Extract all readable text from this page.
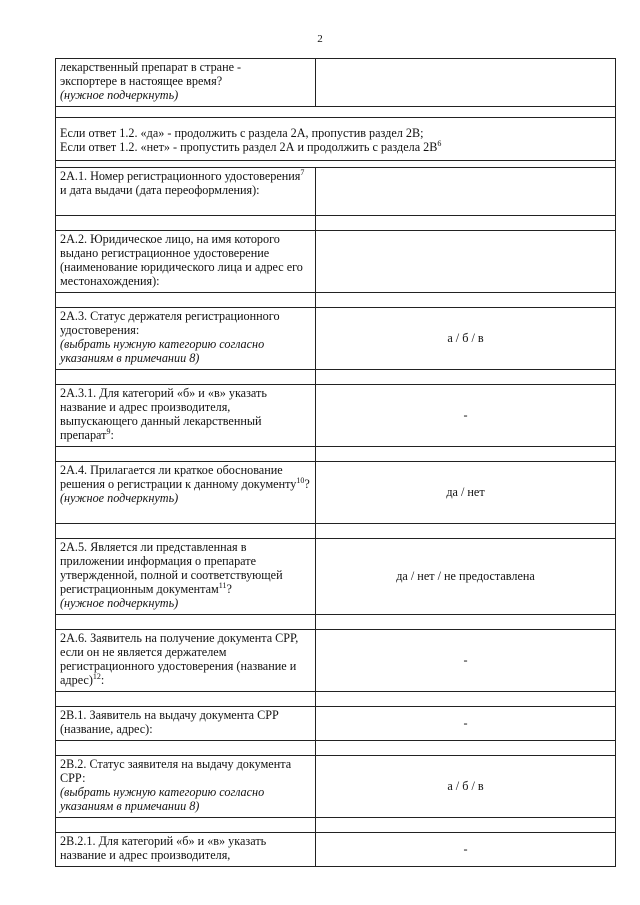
2
лекарственный препарат в стране -
экспортере в настоящее время?
(нужное подчеркнуть)	

Если ответ 1.2. «да» - продолжить с раздела 2А, пропустив раздел 2В;
Если ответ 1.2. «нет» - пропустить раздел 2А и продолжить с раздела $2В^6$

2А.1. Номер регистрационного удостоверения$^7$ и дата выдачи (дата переоформления):	

2А.2. Юридическое лицо, на имя которого выдано регистрационное удостоверение (наименование юридического лица и адрес его местонахождения):	

2А.3. Статус держателя регистрационного удостоверения:
(выбрать нужную категорию согласно указаниям в примечании 8)	а / б / в

2А.3.1. Для категорий «б» и «в» указать название и адрес производителя, выпускающего данный лекарственный препарат$^9$:	-

2А.4. Прилагается ли краткое обоснование решения о регистрации к данному документу$^{10}$?
(нужное подчеркнуть)	да / нет

2А.5. Является ли представленная в приложении информация о препарате утвержденной, полной и соответствующей регистрационным документам$^{11}$?
(нужное подчеркнуть)	да / нет / не предоставлена

2А.6. Заявитель на получение документа СРР, если он не является держателем регистрационного удостоверения (название и адрес)$^{12}$:	-

2В.1. Заявитель на выдачу документа СРР (название, адрес):	-

2В.2. Статус заявителя на выдачу документа СРР:
(выбрать нужную категорию согласно указаниям в примечании 8)	а / б / в

2В.2.1. Для категорий «б» и «в» указать название и адрес производителя,	-
